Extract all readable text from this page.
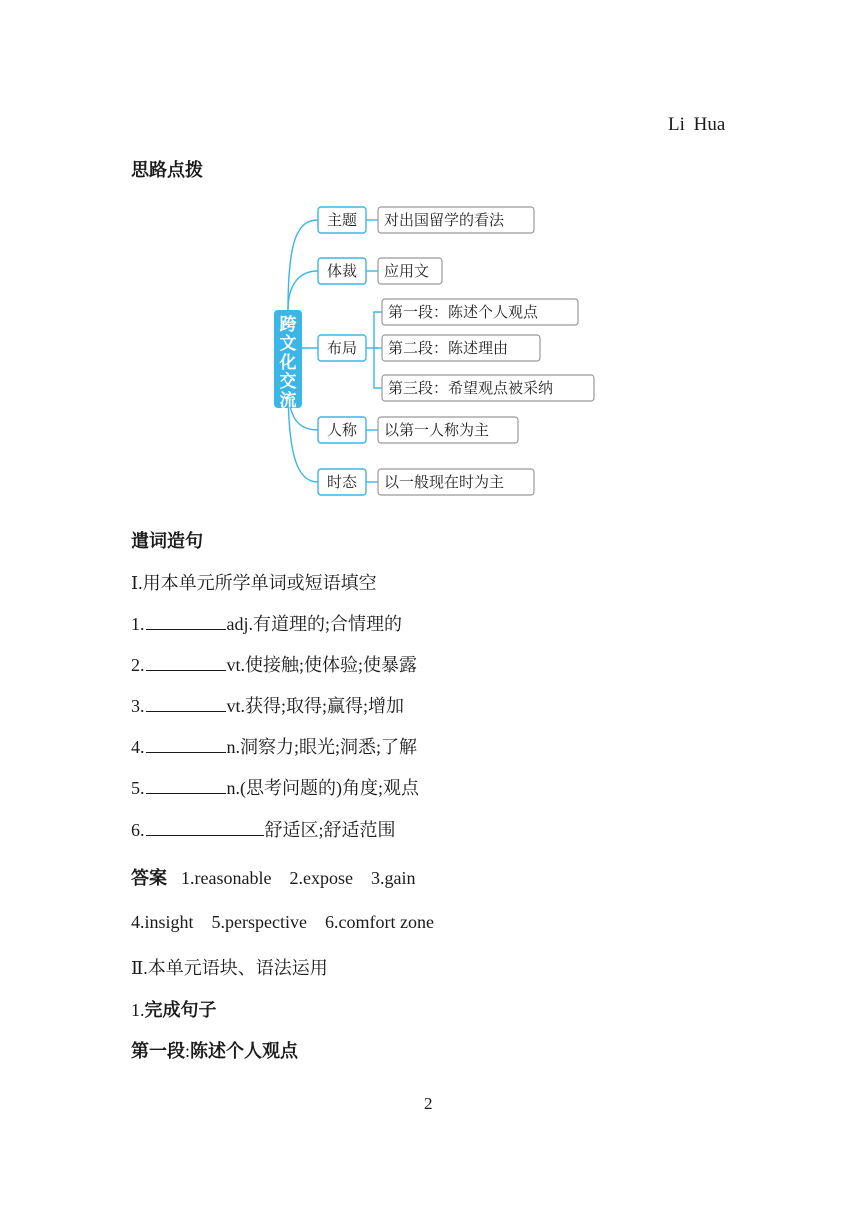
Li Hua
思路点拨
跨
文
化
交
流
主题 对出国留学的看法
体裁 应用文
布局
第一段：陈述个人观点
第二段：陈述理由
第三段：希望观点被采纳
人称 以第一人称为主
时态 以一般现在时为主
遣词造句
Ⅰ.用本单元所学单词或短语填空
1.	adj.有道理的;合情理的
2.	vt.使接触;使体验;使暴露
3.	vt.获得;取得;赢得;增加
4.	n.洞察力;眼光;洞悉;了解
5.	n.(思考问题的)角度;观点
6.	舒适区;舒适范围
答案 1.reasonable 2.expose 3.gain
4.insight 5.perspective 6.comfort zone
Ⅱ.本单元语块、语法运用
1.完成句子
第一段:陈述个人观点
2
